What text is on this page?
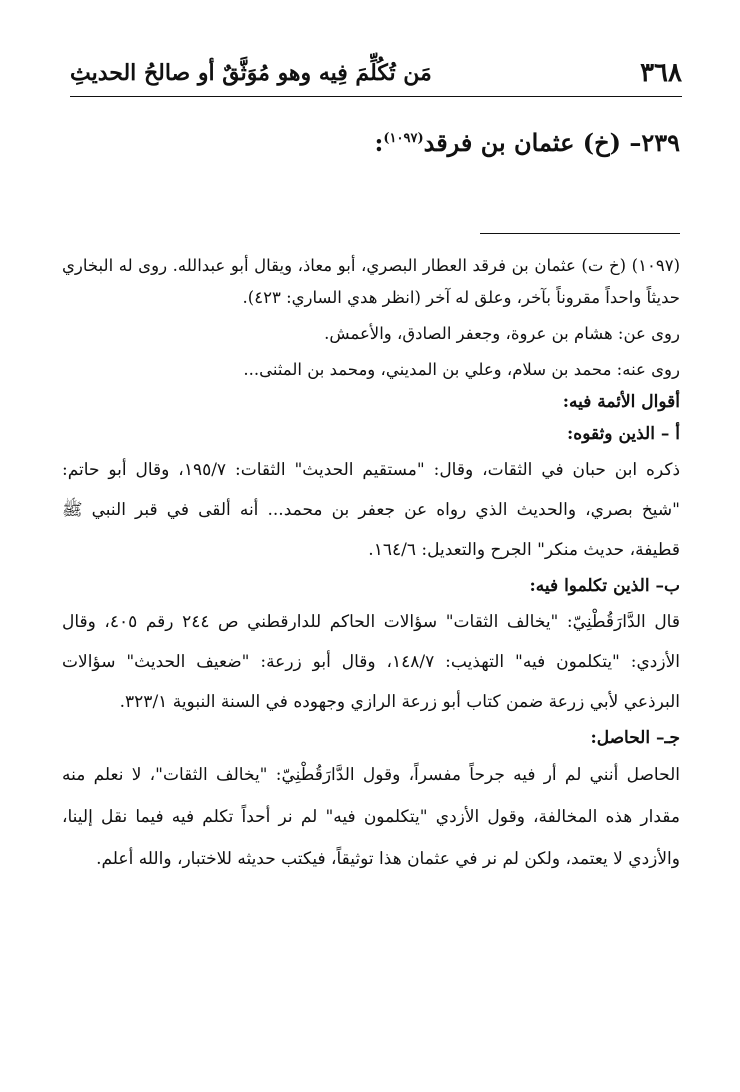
٣٦٨
مَن تُكُلِّمَ فِيه وهو مُوَثَّقٌ أو صالحُ الحديثِ
٢٣٩– (خ) عثمان بن فرقد$^{(١٠٩٧)}$:

(١٠٩٧) (خ ت) عثمان بن فرقد العطار البصري، أبو معاذ، ويقال أبو عبدالله. روى له البخاري حديثاً واحداً مقروناً بآخر، وعلق له آخر (انظر هدي الساري: ٤٢٣).

روى عن: هشام بن عروة، وجعفر الصادق، والأعمش.

روى عنه: محمد بن سلام، وعلي بن المديني، ومحمد بن المثنى...

أقوال الأئمة فيه:

أ – الذين وثقوه:

ذكره ابن حبان في الثقات، وقال: "مستقيم الحديث" الثقات: ١٩٥/٧، وقال أبو حاتم: "شيخ بصري، والحديث الذي رواه عن جعفر بن محمد... أنه ألقى في قبر النبي ﷺ قطيفة، حديث منكر" الجرح والتعديل: ١٦٤/٦.

ب– الذين تكلموا فيه:

قال الدَّارَقُطْنِيّ: "يخالف الثقات" سؤالات الحاكم للدارقطني ص ٢٤٤ رقم ٤٠٥، وقال الأزدي: "يتكلمون فيه" التهذيب: ١٤٨/٧، وقال أبو زرعة: "ضعيف الحديث" سؤالات البرذعي لأبي زرعة ضمن كتاب أبو زرعة الرازي وجهوده في السنة النبوية ٣٢٣/١.

جـ– الحاصل:

الحاصل أنني لم أر فيه جرحاً مفسراً، وقول الدَّارَقُطْنِيّ: "يخالف الثقات"، لا نعلم منه مقدار هذه المخالفة، وقول الأزدي "يتكلمون فيه" لم نر أحداً تكلم فيه فيما نقل إلينا، والأزدي لا يعتمد، ولكن لم نر في عثمان هذا توثيقاً، فيكتب حديثه للاختبار، والله أعلم.
